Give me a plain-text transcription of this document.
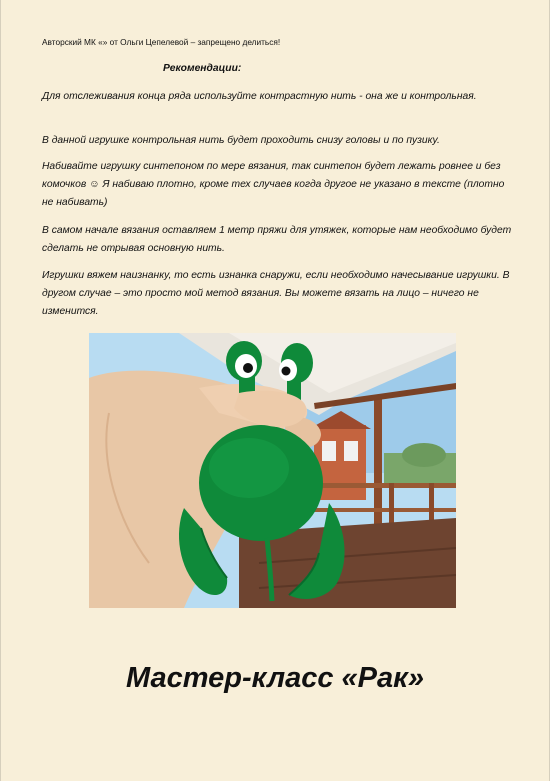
Авторский МК «» от Ольги Цепелевой – запрещено делиться!
Рекомендации:

Для отслеживания конца ряда используйте контрастную нить - она же и контрольная.

В данной игрушке контрольная нить будет проходить снизу головы и по пузику.

Набивайте игрушку синтепоном по мере вязания, так синтепон будет лежать ровнее и без комочков ☺ Я набиваю плотно, кроме тех случаев когда другое не указано в тексте (плотно не набивать)

В самом начале вязания оставляем 1 метр пряжи для утяжек, которые нам необходимо будет сделать не отрывая основную нить.

Игрушки вяжем наизнанку, то есть изнанка снаружи, если необходимо начесывание игрушки. В другом случае – это просто мой метод вязания. Вы можете вязать на лицо – ничего не изменится.

Мастер-класс «Рак»
